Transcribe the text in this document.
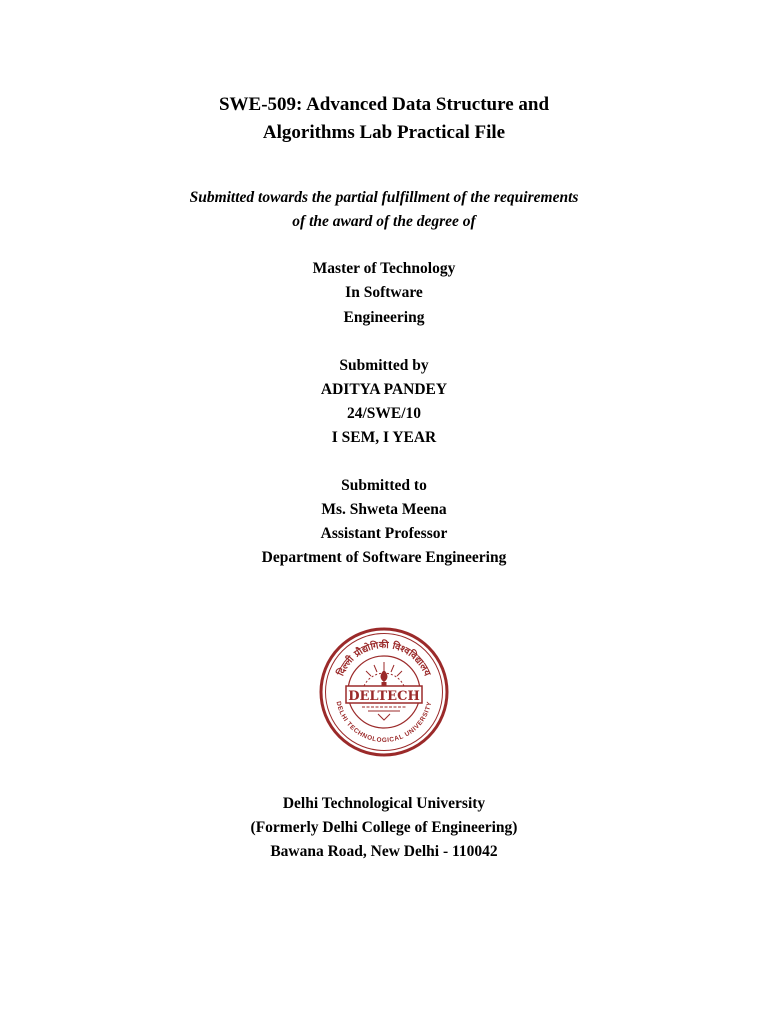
SWE-509: Advanced Data Structure and
Algorithms Lab Practical File
Submitted towards the partial fulfillment of the requirements
of the award of the degree of
Master of Technology
In Software
Engineering
Submitted by
ADITYA PANDEY
24/SWE/10
I SEM, I YEAR
Submitted to
Ms. Shweta Meena
Assistant Professor
Department of Software Engineering
दिल्ली प्रौद्योगिकी विश्वविद्यालय
DELHI TECHNOLOGICAL UNIVERSITY
DELTECH
Delhi Technological University
(Formerly Delhi College of Engineering)
Bawana Road, New Delhi - 110042
